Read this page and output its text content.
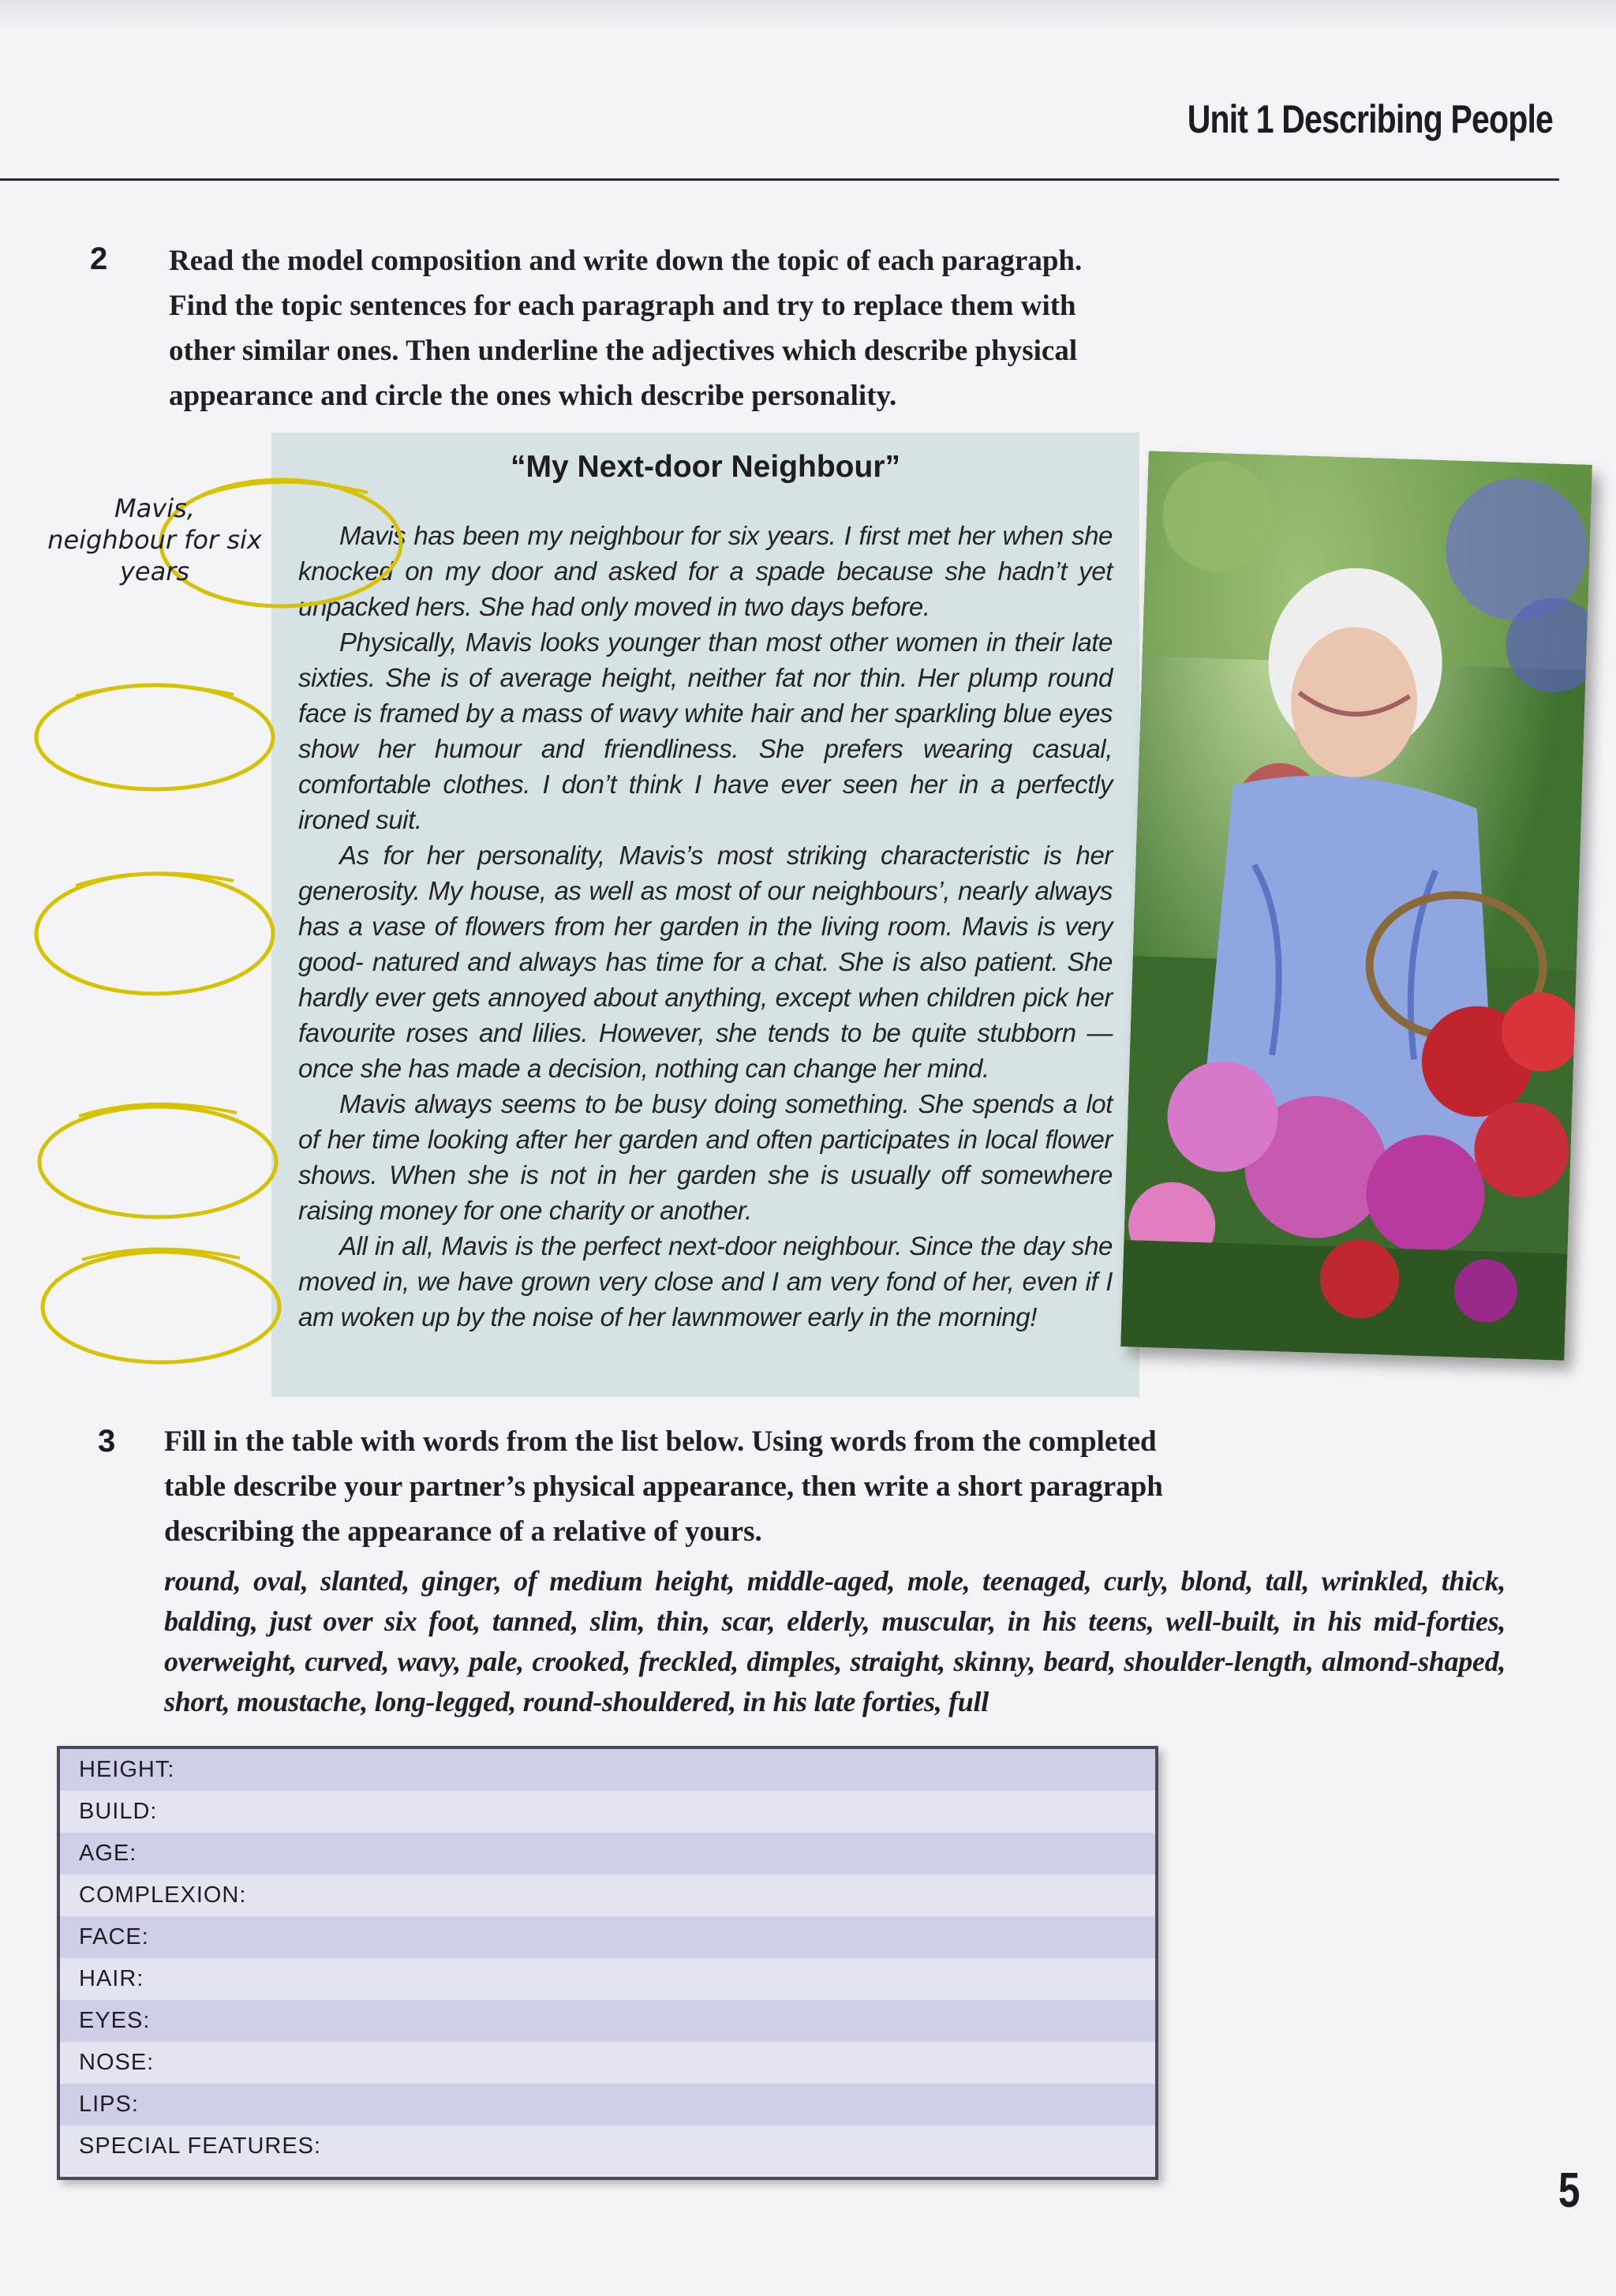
Unit 1 Describing People
2 Read the model composition and write down the topic of each paragraph.
Find the topic sentences for each paragraph and try to replace them with
other similar ones. Then underline the adjectives which describe physical
appearance and circle the ones which describe personality.
“My Next-door Neighbour”

Mavis has been my neighbour for six years. I first met her when she knocked on my door and asked for a spade because she hadn’t yet unpacked hers. She had only moved in two days before.

Physically, Mavis looks younger than most other women in their late sixties. She is of average height, neither fat nor thin. Her plump round face is framed by a mass of wavy white hair and her sparkling blue eyes show her humour and friendliness. She prefers wearing casual, comfortable clothes. I don’t think I have ever seen her in a perfectly ironed suit.

As for her personality, Mavis’s most striking characteristic is her generosity. My house, as well as most of our neighbours’, nearly always has a vase of flowers from her garden in the living room. Mavis is very good- natured and always has time for a chat. She is also patient. She hardly ever gets annoyed about anything, except when children pick her favourite roses and lilies. However, she tends to be quite stubborn — once she has made a decision, nothing can change her mind.

Mavis always seems to be busy doing something. She spends a lot of her time looking after her garden and often participates in local flower shows. When she is not in her garden she is usually off somewhere raising money for one charity or another.

All in all, Mavis is the perfect next-door neighbour. Since the day she moved in, we have grown very close and I am very fond of her, even if I am woken up by the noise of her lawnmower early in the morning!

Mavis,
neighbour for six
years
3 Fill in the table with words from the list below. Using words from the completed
table describe your partner’s physical appearance, then write a short paragraph
describing the appearance of a relative of yours.
round, oval, slanted, ginger, of medium height, middle-aged, mole, teenaged, curly, blond, tall, wrinkled, thick, balding, just over six foot, tanned, slim, thin, scar, elderly, muscular, in his teens, well-built, in his mid-forties, overweight, curved, wavy, pale, crooked, freckled, dimples, straight, skinny, beard, shoulder-length, almond-shaped, short, moustache, long-legged, round-shouldered, in his late forties, full
HEIGHT:
BUILD:
AGE:
COMPLEXION:
FACE:
HAIR:
EYES:
NOSE:
LIPS:
SPECIAL FEATURES:
5
